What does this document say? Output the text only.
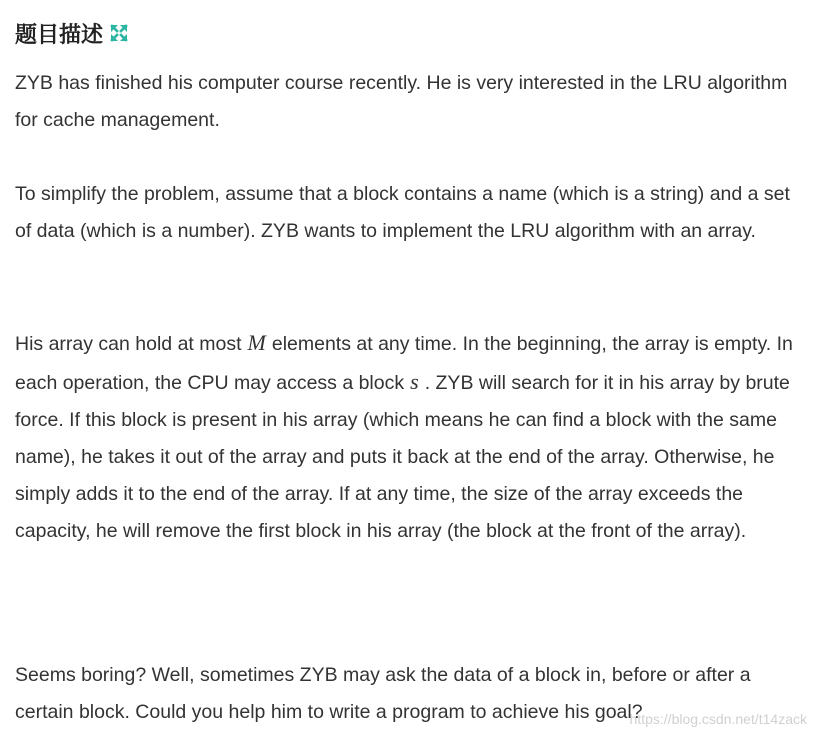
题目描述

ZYB has finished his computer course recently. He is very interested in the LRU algorithm for cache management.

To simplify the problem, assume that a block contains a name (which is a string) and a set of data (which is a number). ZYB wants to implement the LRU algorithm with an array.

His array can hold at most M elements at any time. In the beginning, the array is empty. In each operation, the CPU may access a block s . ZYB will search for it in his array by brute force. If this block is present in his array (which means he can find a block with the same name), he takes it out of the array and puts it back at the end of the array. Otherwise, he simply adds it to the end of the array. If at any time, the size of the array exceeds the capacity, he will remove the first block in his array (the block at the front of the array).

Seems boring? Well, sometimes ZYB may ask the data of a block in, before or after a certain block. Could you help him to write a program to achieve his goal?

https://blog.csdn.net/t14zack
